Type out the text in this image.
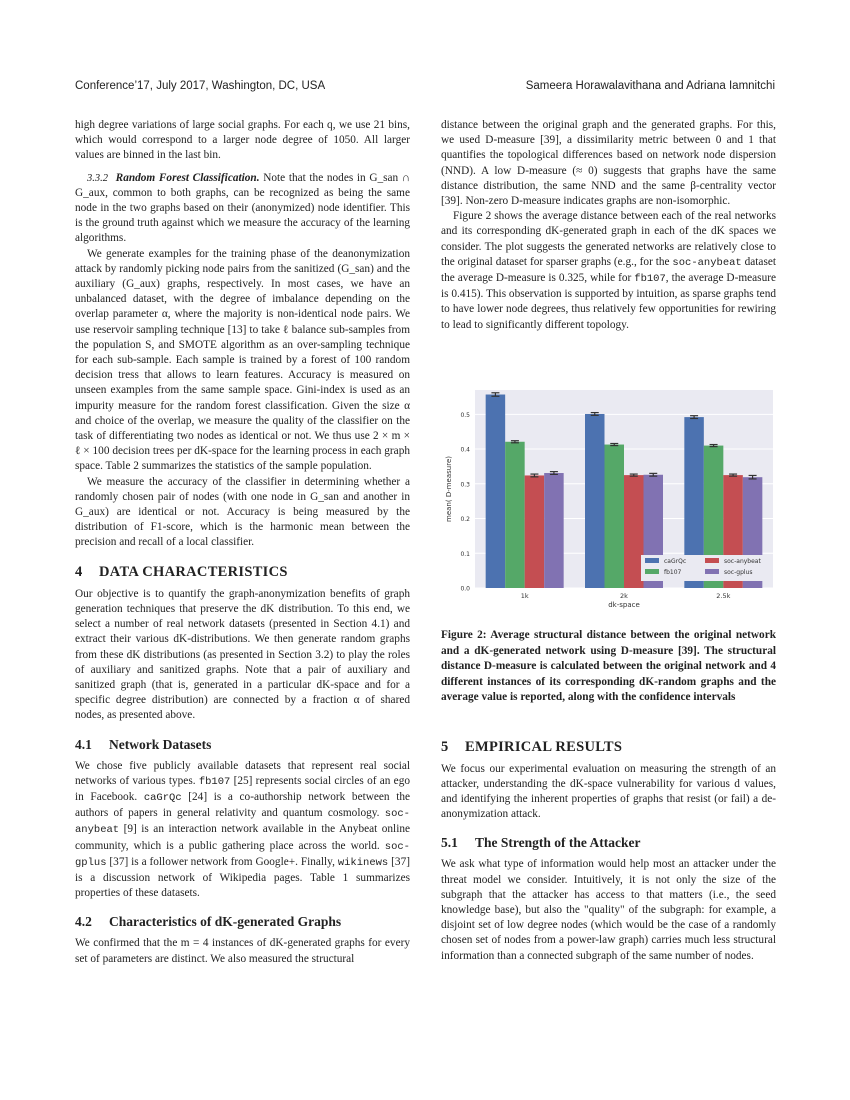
Conference’17, July 2017, Washington, DC, USA	Sameera Horawalavithana and Adriana Iamnitchi

high degree variations of large social graphs. For each q, we use 21 bins, which would correspond to a larger node degree of 1050. All larger values are binned in the last bin.

3.3.2 Random Forest Classification. Note that the nodes in G_san ∩ G_aux, common to both graphs, can be recognized as being the same node in the two graphs based on their (anonymized) node identifier. This is the ground truth against which we measure the accuracy of the learning algorithms.

We generate examples for the training phase of the deanonymization attack by randomly picking node pairs from the sanitized (G_san) and the auxiliary (G_aux) graphs, respectively. In most cases, we have an unbalanced dataset, with the degree of imbalance depending on the overlap parameter α, where the majority is non-identical node pairs. We use reservoir sampling technique [13] to take ℓ balance sub-samples from the population S, and SMOTE algorithm as an over-sampling technique for each sub-sample. Each sample is trained by a forest of 100 random decision tress that allows to learn features. Accuracy is measured on unseen examples from the same sample space. Gini-index is used as an impurity measure for the random forest classification. Given the size α and choice of the overlap, we measure the quality of the classifier on the task of differentiating two nodes as identical or not. We thus use 2 × m × ℓ × 100 decision trees per dK-space for the learning process in each graph space. Table 2 summarizes the statistics of the sample population.

We measure the accuracy of the classifier in determining whether a randomly chosen pair of nodes (with one node in G_san and another in G_aux) are identical or not. Accuracy is being measured by the distribution of F1-score, which is the harmonic mean between the precision and recall of a local classifier.

4 DATA CHARACTERISTICS

Our objective is to quantify the graph-anonymization benefits of graph generation techniques that preserve the dK distribution. To this end, we select a number of real network datasets (presented in Section 4.1) and extract their various dK-distributions. We then generate random graphs from these dK distributions (as presented in Section 3.2) to play the roles of auxiliary and sanitized graphs. Note that a pair of auxiliary and sanitized graph (that is, generated in a particular dK-space and for a specific degree distribution) are connected by a fraction α of shared nodes, as presented above.

4.1 Network Datasets

We chose five publicly available datasets that represent real social networks of various types. fb107 [25] represents social circles of an ego in Facebook. caGrQc [24] is a co-authorship network between the authors of papers in general relativity and quantum cosmology. soc-anybeat [9] is an interaction network available in the Anybeat online community, which is a public gathering place across the world. soc-gplus [37] is a follower network from Google+. Finally, wikinews [37] is a discussion network of Wikipedia pages. Table 1 summarizes properties of these datasets.

4.2 Characteristics of dK-generated Graphs

We confirmed that the m = 4 instances of dK-generated graphs for every set of parameters are distinct. We also measured the structural

distance between the original graph and the generated graphs. For this, we used D-measure [39], a dissimilarity metric between 0 and 1 that quantifies the topological differences based on network node dispersion (NND). A low D-measure (≈ 0) suggests that graphs have the same distance distribution, the same NND and the same β-centrality vector [39]. Non-zero D-measure indicates graphs are non-isomorphic.

Figure 2 shows the average distance between each of the real networks and its corresponding dK-generated graph in each of the dK spaces we consider. The plot suggests the generated networks are relatively close to the original dataset for sparser graphs (e.g., for the soc-anybeat dataset the average D-measure is 0.325, while for fb107, the average D-measure is 0.415). This observation is supported by intuition, as sparse graphs tend to have lower node degrees, thus relatively few opportunities for rewiring to lead to significantly different topology.

0.0
0.1
0.2
0.3
0.4
0.5
1k	2k	2.5k
dk-space
mean( D-measure)
caGrQc
fb107
soc-anybeat
soc-gplus

Figure 2: Average structural distance between the original network and a dK-generated network using D-measure [39]. The structural distance D-measure is calculated between the original network and 4 different instances of its corresponding dK-random graphs and the average value is reported, along with the confidence intervals

5 EMPIRICAL RESULTS

We focus our experimental evaluation on measuring the strength of an attacker, understanding the dK-space vulnerability for various d values, and identifying the inherent properties of graphs that resist (or fail) a de-anonymization attack.

5.1 The Strength of the Attacker

We ask what type of information would help most an attacker under the threat model we consider. Intuitively, it is not only the size of the subgraph that the attacker has access to that matters (i.e., the seed knowledge base), but also the "quality" of the subgraph: for example, a disjoint set of low degree nodes (which would be the case of a randomly chosen set of nodes from a power-law graph) carries much less structural information than a connected subgraph of the same number of nodes.
